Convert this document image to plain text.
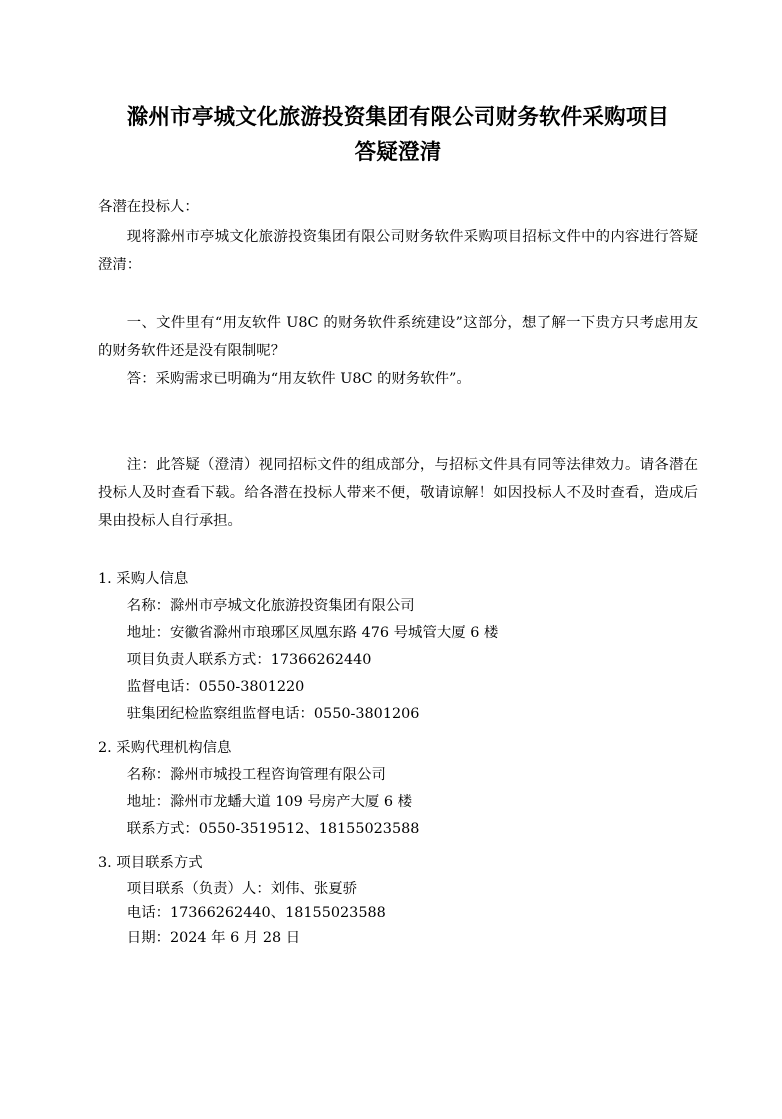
滁州市亭城文化旅游投资集团有限公司财务软件采购项目
答疑澄清

各潜在投标人：

现将滁州市亭城文化旅游投资集团有限公司财务软件采购项目招标文件中的内容进行答疑澄清：

一、文件里有“用友软件 U8C 的财务软件系统建设”这部分，想了解一下贵方只考虑用友的财务软件还是没有限制呢？

答：采购需求已明确为“用友软件 U8C 的财务软件”。

注：此答疑（澄清）视同招标文件的组成部分，与招标文件具有同等法律效力。请各潜在投标人及时查看下载。给各潜在投标人带来不便，敬请谅解！如因投标人不及时查看，造成后果由投标人自行承担。

1. 采购人信息
名称：滁州市亭城文化旅游投资集团有限公司
地址：安徽省滁州市琅琊区凤凰东路 476 号城管大厦 6 楼
项目负责人联系方式：17366262440
监督电话：0550-3801220
驻集团纪检监察组监督电话：0550-3801206
2. 采购代理机构信息
名称：滁州市城投工程咨询管理有限公司
地址：滁州市龙蟠大道 109 号房产大厦 6 楼
联系方式：0550-3519512、18155023588
3. 项目联系方式
项目联系（负责）人：刘伟、张夏骄
电话：17366262440、18155023588
日期：2024 年 6 月 28 日
